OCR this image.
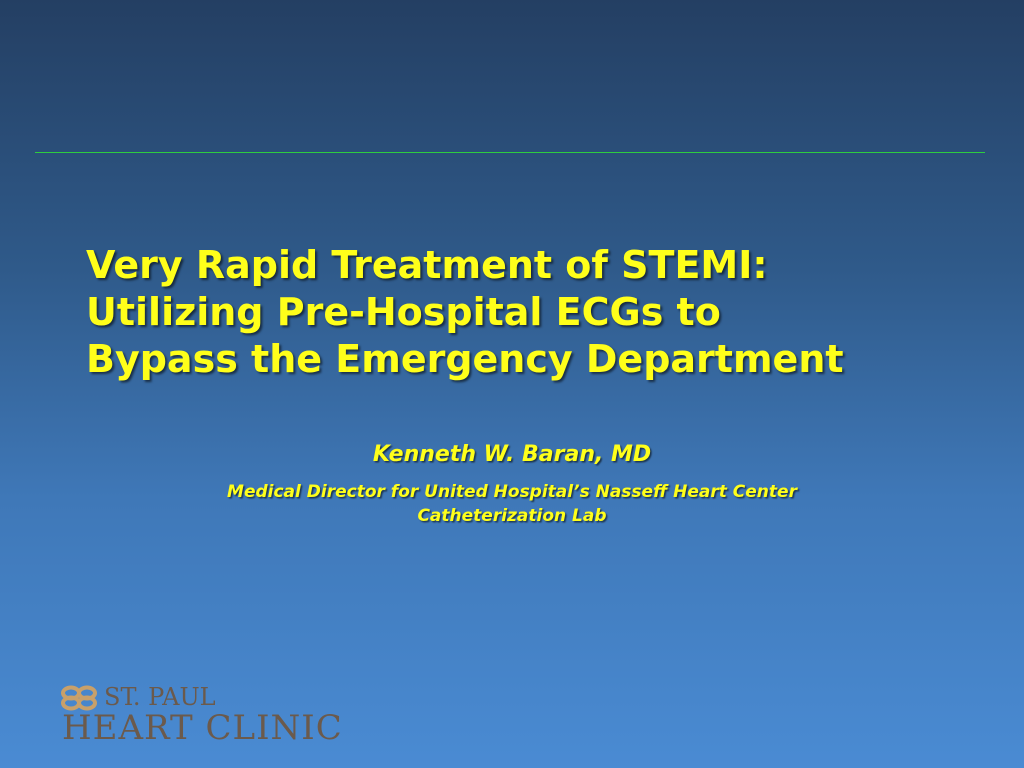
Very Rapid Treatment of STEMI:
Utilizing Pre-Hospital ECGs to
Bypass the Emergency Department
Kenneth W. Baran, MD
Medical Director for United Hospital’s Nasseff Heart Center
Catheterization Lab
ST. PAUL
HEART CLINIC
